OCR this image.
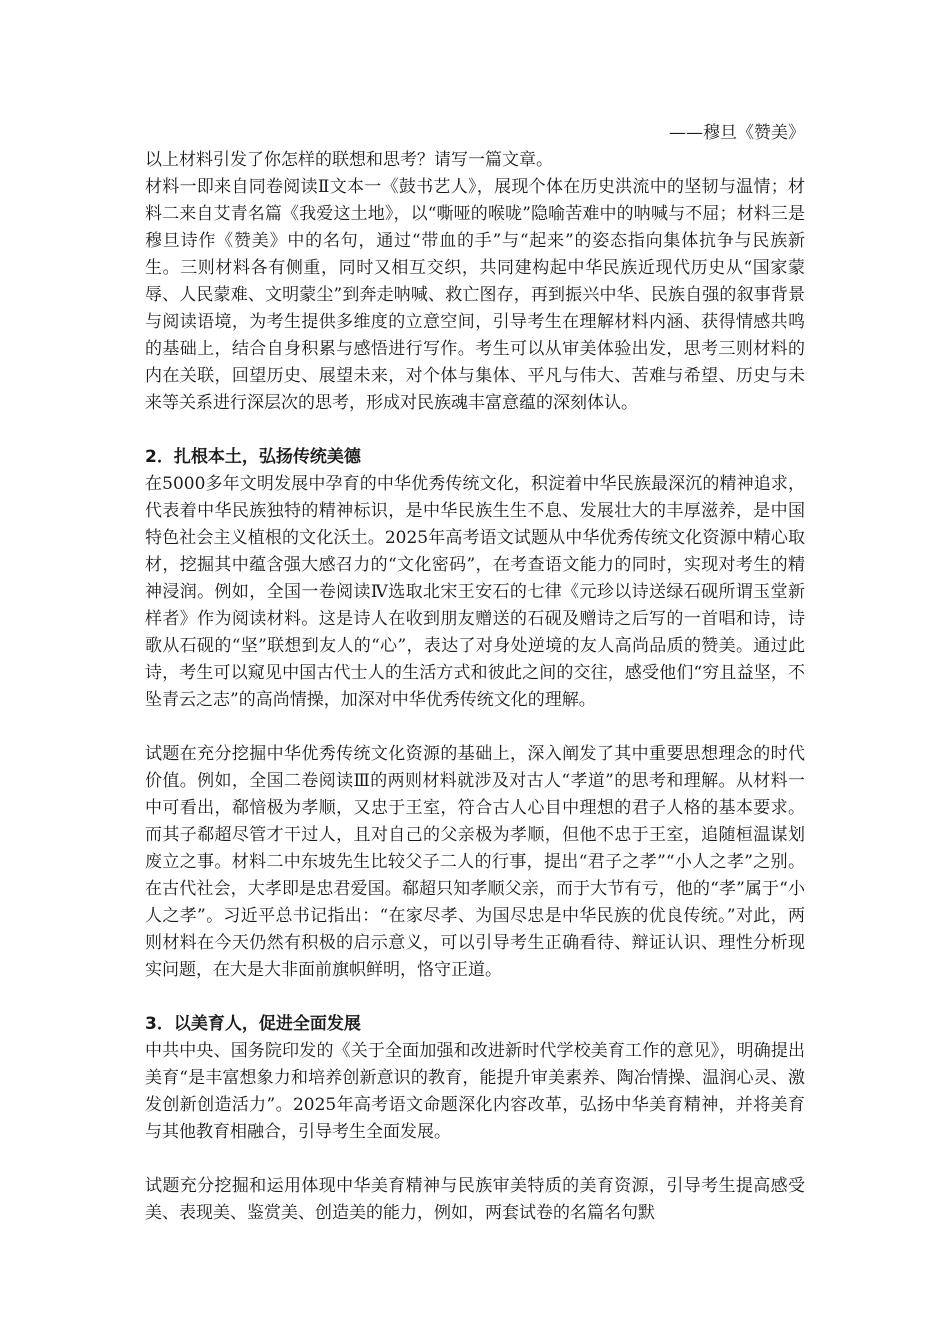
——穆旦《赞美》

以上材料引发了你怎样的联想和思考？请写一篇文章。

材料一即来自同卷阅读Ⅱ文本一《鼓书艺人》，展现个体在历史洪流中的坚韧与温情；材料二来自艾青名篇《我爱这土地》，以“嘶哑的喉咙”隐喻苦难中的呐喊与不屈；材料三是穆旦诗作《赞美》中的名句，通过“带血的手”与“起来”的姿态指向集体抗争与民族新生。三则材料各有侧重，同时又相互交织，共同建构起中华民族近现代历史从“国家蒙辱、人民蒙难、文明蒙尘”到奔走呐喊、救亡图存，再到振兴中华、民族自强的叙事背景与阅读语境，为考生提供多维度的立意空间，引导考生在理解材料内涵、获得情感共鸣的基础上，结合自身积累与感悟进行写作。考生可以从审美体验出发，思考三则材料的内在关联，回望历史、展望未来，对个体与集体、平凡与伟大、苦难与希望、历史与未来等关系进行深层次的思考，形成对民族魂丰富意蕴的深刻体认。

2．扎根本土，弘扬传统美德

在5000多年文明发展中孕育的中华优秀传统文化，积淀着中华民族最深沉的精神追求，代表着中华民族独特的精神标识，是中华民族生生不息、发展壮大的丰厚滋养，是中国特色社会主义植根的文化沃土。2025年高考语文试题从中华优秀传统文化资源中精心取材，挖掘其中蕴含强大感召力的“文化密码”，在考查语文能力的同时，实现对考生的精神浸润。例如，全国一卷阅读Ⅳ选取北宋王安石的七律《元珍以诗送绿石砚所谓玉堂新样者》作为阅读材料。这是诗人在收到朋友赠送的石砚及赠诗之后写的一首唱和诗，诗歌从石砚的“坚”联想到友人的“心”，表达了对身处逆境的友人高尚品质的赞美。通过此诗，考生可以窥见中国古代士人的生活方式和彼此之间的交往，感受他们“穷且益坚，不坠青云之志”的高尚情操，加深对中华优秀传统文化的理解。

试题在充分挖掘中华优秀传统文化资源的基础上，深入阐发了其中重要思想理念的时代价值。例如，全国二卷阅读Ⅲ的两则材料就涉及对古人“孝道”的思考和理解。从材料一中可看出，郗愔极为孝顺，又忠于王室，符合古人心目中理想的君子人格的基本要求。而其子郗超尽管才干过人，且对自己的父亲极为孝顺，但他不忠于王室，追随桓温谋划废立之事。材料二中东坡先生比较父子二人的行事，提出“君子之孝”“小人之孝”之别。在古代社会，大孝即是忠君爱国。郗超只知孝顺父亲，而于大节有亏，他的“孝”属于“小人之孝”。习近平总书记指出：“在家尽孝、为国尽忠是中华民族的优良传统。”对此，两则材料在今天仍然有积极的启示意义，可以引导考生正确看待、辩证认识、理性分析现实问题，在大是大非面前旗帜鲜明，恪守正道。

3．以美育人，促进全面发展

中共中央、国务院印发的《关于全面加强和改进新时代学校美育工作的意见》，明确提出美育“是丰富想象力和培养创新意识的教育，能提升审美素养、陶冶情操、温润心灵、激发创新创造活力”。2025年高考语文命题深化内容改革，弘扬中华美育精神，并将美育与其他教育相融合，引导考生全面发展。

试题充分挖掘和运用体现中华美育精神与民族审美特质的美育资源，引导考生提高感受美、表现美、鉴赏美、创造美的能力，例如，两套试卷的名篇名句默
